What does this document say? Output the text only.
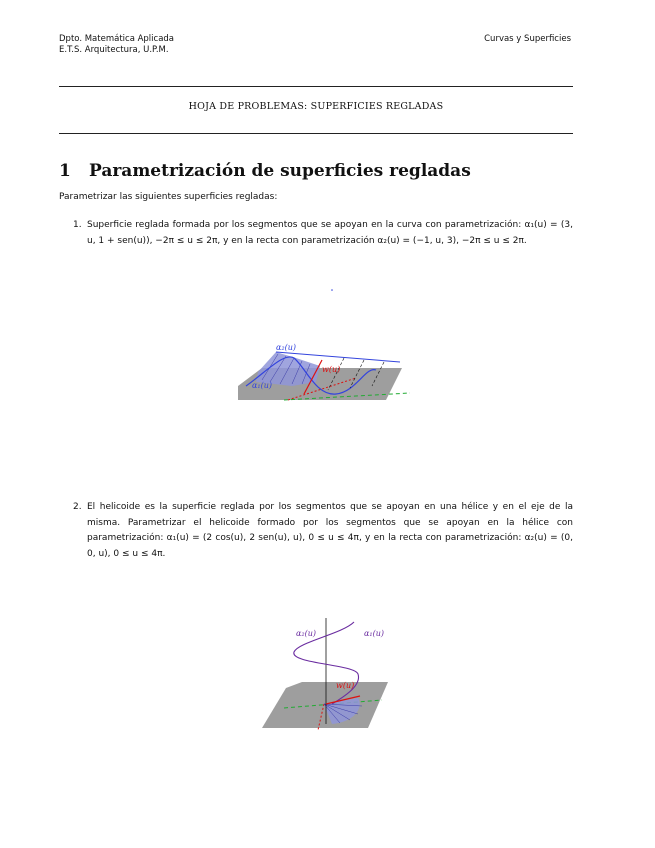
Dpto. Matemática Aplicada
E.T.S. Arquitectura, U.P.M.
Curvas y Superficies
HOJA DE PROBLEMAS: SUPERFICIES REGLADAS
1 Parametrización de superficies regladas
Parametrizar las siguientes superficies regladas:
1. Superficie reglada formada por los segmentos que se apoyan en la curva con parametrización: α₁(u) = (3, u, 1 + sen(u)), −2π ≤ u ≤ 2π, y en la recta con parametrización α₂(u) = (−1, u, 3), −2π ≤ u ≤ 2π.
α₂(u)
w(u)
α₁(u)
2. El helicoide es la superficie reglada por los segmentos que se apoyan en una hélice y en el eje de la misma. Parametrizar el helicoide formado por los segmentos que se apoyan en la hélice con parametrización: α₁(u) = (2 cos(u), 2 sen(u), u), 0 ≤ u ≤ 4π, y en la recta con parametrización: α₂(u) = (0, 0, u), 0 ≤ u ≤ 4π.
α₂(u)	α₁(u)
w(u)
